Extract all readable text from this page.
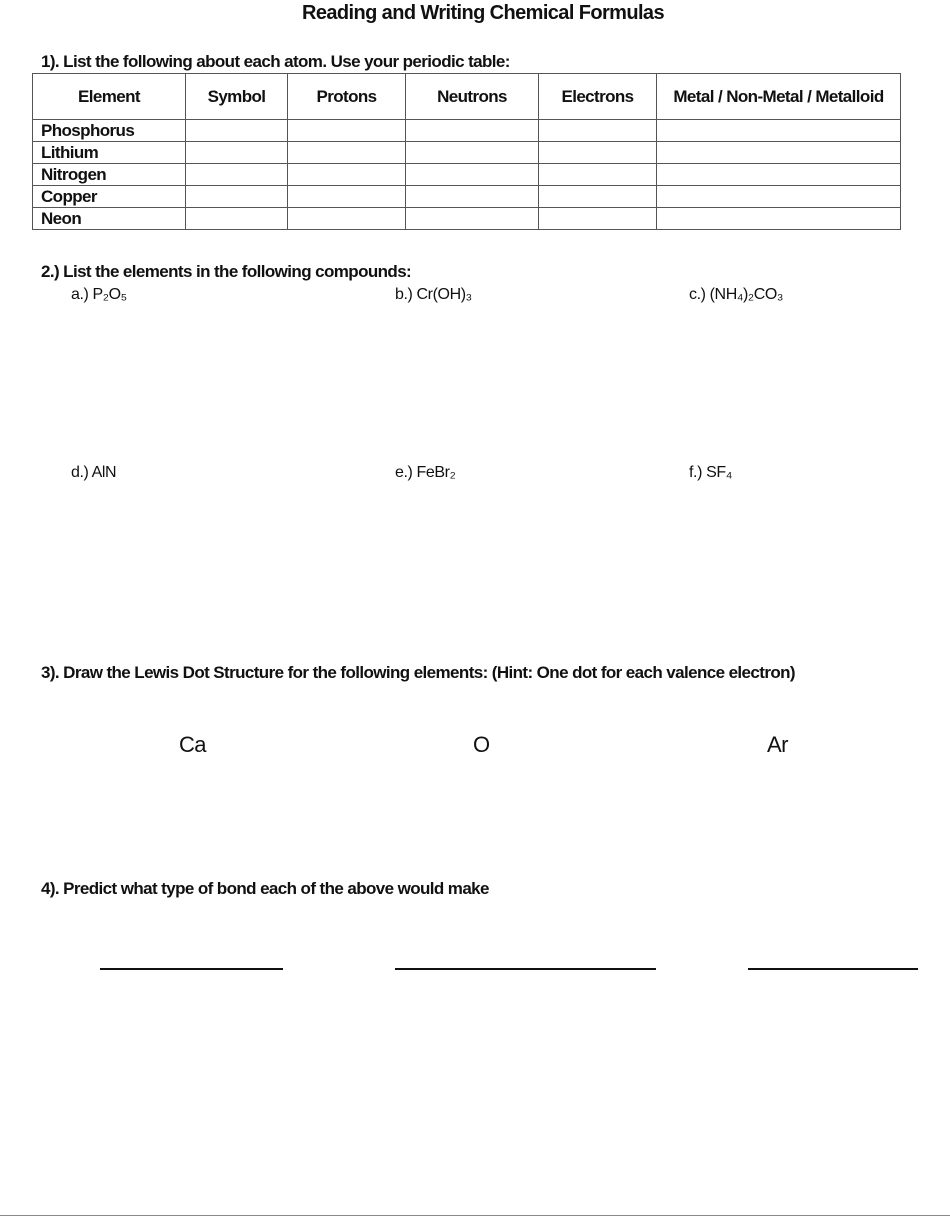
Reading and Writing Chemical Formulas
1). List the following about each atom. Use your periodic table:
Element	Symbol	Protons	Neutrons	Electrons	Metal / Non-Metal / Metalloid
Phosphorus					
Lithium					
Nitrogen					
Copper					
Neon					
2.) List the elements in the following compounds:
a.) P₂O₅	b.) Cr(OH)₃	c.) (NH₄)₂CO₃
d.) AlN	e.) FeBr₂	f.) SF₄
3). Draw the Lewis Dot Structure for the following elements: (Hint: One dot for each valence electron)
Ca	O	Ar
4). Predict what type of bond each of the above would make
